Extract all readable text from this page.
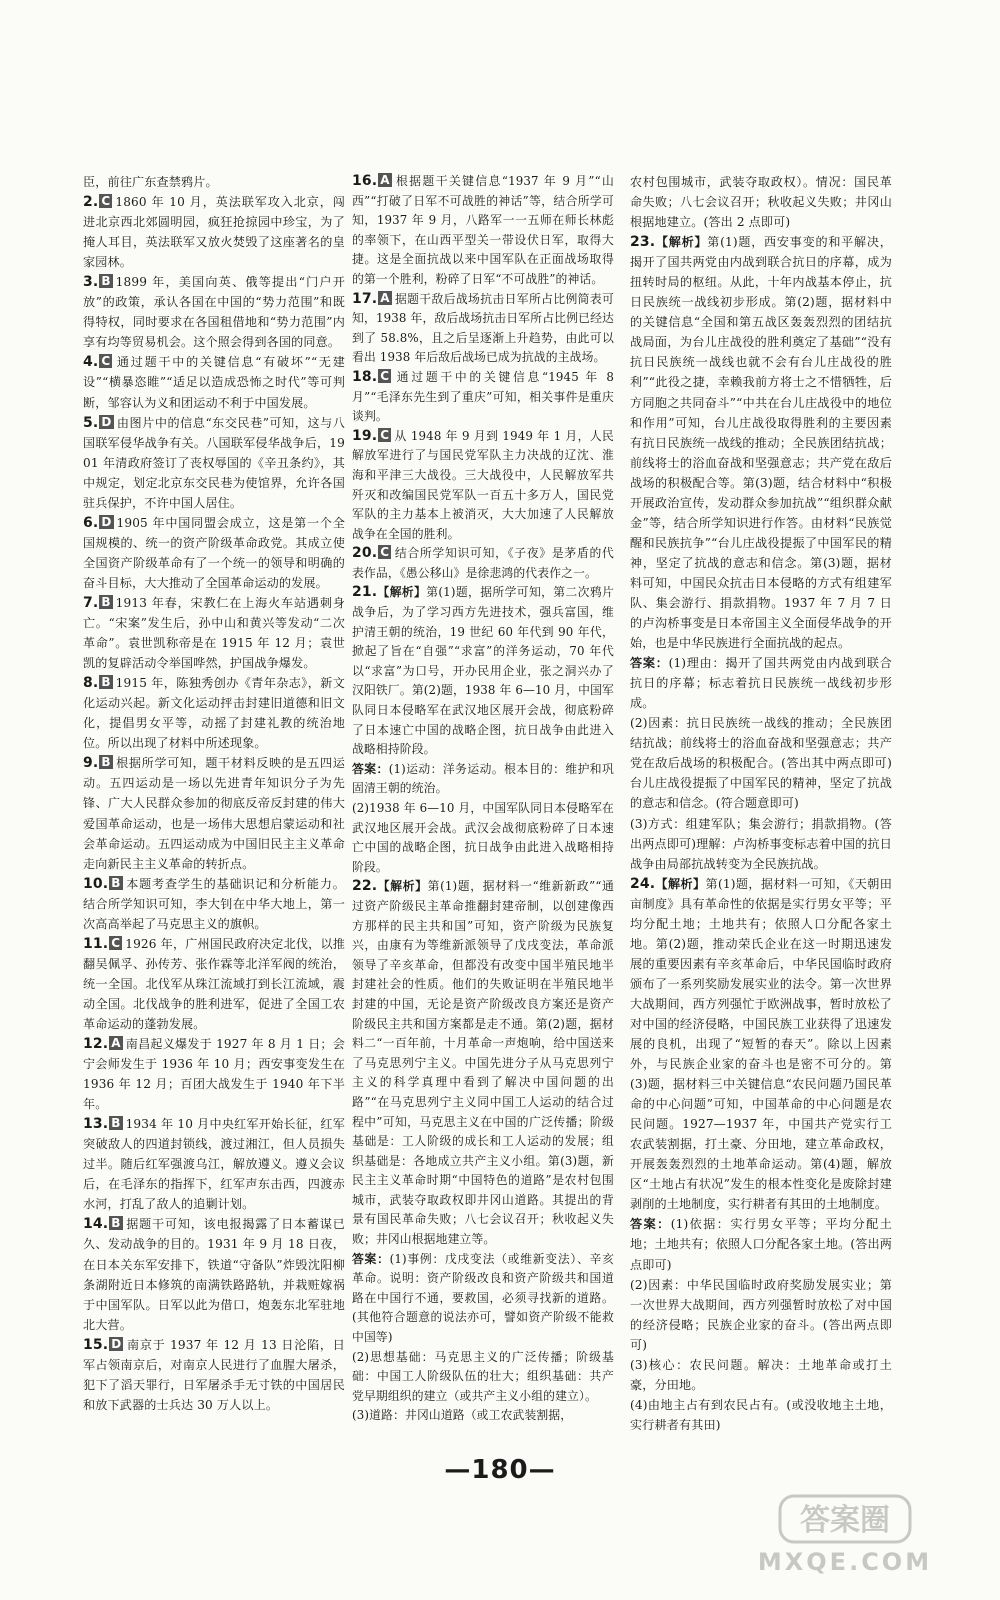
臣，前往广东查禁鸦片。

2. C 1860 年 10 月，英法联军攻入北京，闯进北京西北郊圆明园，疯狂抢掠园中珍宝，为了掩人耳目，英法联军又放火焚毁了这座著名的皇家园林。

3. B 1899 年，美国向英、俄等提出“门户开放”的政策，承认各国在中国的“势力范围”和既得特权，同时要求在各国租借地和“势力范围”内享有均等贸易机会。这个照会得到各国的同意。

4. C 通过题干中的关键信息“有破坏”“无建设”“横暴恣睢”“适足以造成恐怖之时代”等可判断，邹容认为义和团运动不利于中国发展。

5. D 由图片中的信息“东交民巷”可知，这与八国联军侵华战争有关。八国联军侵华战争后，1901 年清政府签订了丧权辱国的《辛丑条约》，其中规定，划定北京东交民巷为使馆界，允许各国驻兵保护，不许中国人居住。

6. D 1905 年中国同盟会成立，这是第一个全国规模的、统一的资产阶级革命政党。其成立使全国资产阶级革命有了一个统一的领导和明确的奋斗目标，大大推动了全国革命运动的发展。

7. B 1913 年春，宋教仁在上海火车站遇刺身亡。“宋案”发生后，孙中山和黄兴等发动“二次革命”。袁世凯称帝是在 1915 年 12 月；袁世凯的复辟活动令举国哗然，护国战争爆发。

8. B 1915 年，陈独秀创办《青年杂志》，新文化运动兴起。新文化运动抨击封建旧道德和旧文化，提倡男女平等，动摇了封建礼教的统治地位。所以出现了材料中所述现象。

9. B 根据所学可知，题干材料反映的是五四运动。五四运动是一场以先进青年知识分子为先锋、广大人民群众参加的彻底反帝反封建的伟大爱国革命运动，也是一场伟大思想启蒙运动和社会革命运动。五四运动成为中国旧民主主义革命走向新民主主义革命的转折点。

10. B 本题考查学生的基础识记和分析能力。结合所学知识可知，李大钊在中华大地上，第一次高高举起了马克思主义的旗帜。

11. C 1926 年，广州国民政府决定北伐，以推翻吴佩孚、孙传芳、张作霖等北洋军阀的统治，统一全国。北伐军从珠江流域打到长江流域，震动全国。北伐战争的胜利进军，促进了全国工农革命运动的蓬勃发展。

12. A 南昌起义爆发于 1927 年 8 月 1 日；会宁会师发生于 1936 年 10 月；西安事变发生在 1936 年 12 月；百团大战发生于 1940 年下半年。

13. B 1934 年 10 月中央红军开始长征，红军突破敌人的四道封锁线，渡过湘江，但人员损失过半。随后红军强渡乌江，解放遵义。遵义会议后，在毛泽东的指挥下，红军声东击西，四渡赤水河，打乱了敌人的追剿计划。

14. B 据题干可知，该电报揭露了日本蓄谋已久、发动战争的目的。1931 年 9 月 18 日夜，在日本关东军安排下，铁道“守备队”炸毁沈阳柳条湖附近日本修筑的南满铁路路轨，并栽赃嫁祸于中国军队。日军以此为借口，炮轰东北军驻地北大营。

15. D 南京于 1937 年 12 月 13 日沦陷，日军占领南京后，对南京人民进行了血腥大屠杀，犯下了滔天罪行，日军屠杀手无寸铁的中国居民和放下武器的士兵达 30 万人以上。

16. A 根据题干关键信息“1937 年 9 月”“山西”“打破了日军不可战胜的神话”等，结合所学可知，1937 年 9 月，八路军一一五师在师长林彪的率领下，在山西平型关一带设伏日军，取得大捷。这是全面抗战以来中国军队在正面战场取得的第一个胜利，粉碎了日军“不可战胜”的神话。

17. A 据题干敌后战场抗击日军所占比例简表可知，1938 年，敌后战场抗击日军所占比例已经达到了 58.8%，且之后呈逐渐上升趋势，由此可以看出 1938 年后敌后战场已成为抗战的主战场。

18. C 通过题干中的关键信息“1945 年 8 月”“毛泽东先生到了重庆”可知，相关事件是重庆谈判。

19. C 从 1948 年 9 月到 1949 年 1 月，人民解放军进行了与国民党军队主力决战的辽沈、淮海和平津三大战役。三大战役中，人民解放军共歼灭和改编国民党军队一百五十多万人，国民党军队的主力基本上被消灭，大大加速了人民解放战争在全国的胜利。

20. C 结合所学知识可知，《子夜》是茅盾的代表作品，《愚公移山》是徐悲鸿的代表作之一。

21.【解析】第(1)题，据所学可知，第二次鸦片战争后，为了学习西方先进技术，强兵富国，维护清王朝的统治，19 世纪 60 年代到 90 年代，掀起了旨在“自强”“求富”的洋务运动，70 年代以“求富”为口号，开办民用企业，张之洞兴办了汉阳铁厂。第(2)题，1938 年 6—10 月，中国军队同日本侵略军在武汉地区展开会战，彻底粉碎了日本速亡中国的战略企图，抗日战争由此进入战略相持阶段。

答案：(1)运动：洋务运动。根本目的：维护和巩固清王朝的统治。

(2)1938 年 6—10 月，中国军队同日本侵略军在武汉地区展开会战。武汉会战彻底粉碎了日本速亡中国的战略企图，抗日战争由此进入战略相持阶段。

22.【解析】第(1)题，据材料一“维新新政”“通过资产阶级民主革命推翻封建帝制，以创建像西方那样的民主共和国”可知，资产阶级为民族复兴，由康有为等维新派领导了戊戌变法，革命派领导了辛亥革命，但都没有改变中国半殖民地半封建社会的性质。他们的失败证明在半殖民地半封建的中国，无论是资产阶级改良方案还是资产阶级民主共和国方案都是走不通。第(2)题，据材料二“一百年前，十月革命一声炮响，给中国送来了马克思列宁主义。中国先进分子从马克思列宁主义的科学真理中看到了解决中国问题的出路”“在马克思列宁主义同中国工人运动的结合过程中”可知，马克思主义在中国的广泛传播；阶级基础是：工人阶级的成长和工人运动的发展；组织基础是：各地成立共产主义小组。第(3)题，新民主主义革命时期“中国特色的道路”是农村包围城市，武装夺取政权即井冈山道路。其提出的背景有国民革命失败；八七会议召开；秋收起义失败；井冈山根据地建立等。

答案：(1)事例：戊戌变法（或维新变法）、辛亥革命。说明：资产阶级改良和资产阶级共和国道路在中国行不通，要救国，必须寻找新的道路。(其他符合题意的说法亦可，譬如资产阶级不能救中国等)

(2)思想基础：马克思主义的广泛传播；阶级基础：中国工人阶级队伍的壮大；组织基础：共产党早期组织的建立（或共产主义小组的建立）。

(3)道路：井冈山道路（或工农武装割据，

农村包围城市，武装夺取政权）。情况：国民革命失败；八七会议召开；秋收起义失败；井冈山根据地建立。(答出 2 点即可)

23.【解析】第(1)题，西安事变的和平解决，揭开了国共两党由内战到联合抗日的序幕，成为扭转时局的枢纽。从此，十年内战基本停止，抗日民族统一战线初步形成。第(2)题，据材料中的关键信息“全国和第五战区轰轰烈烈的团结抗战局面，为台儿庄战役的胜利奠定了基础”“没有抗日民族统一战线也就不会有台儿庄战役的胜利”“此役之捷，幸赖我前方将士之不惜牺牲，后方同胞之共同奋斗”“中共在台儿庄战役中的地位和作用”可知，台儿庄战役取得胜利的主要因素有抗日民族统一战线的推动；全民族团结抗战；前线将士的浴血奋战和坚强意志；共产党在敌后战场的积极配合等。第(3)题，结合材料中“积极开展政治宣传，发动群众参加抗战”“组织群众献金”等，结合所学知识进行作答。由材料“民族觉醒和民族抗争”“台儿庄战役提振了中国军民的精神，坚定了抗战的意志和信念。第(3)题，据材料可知，中国民众抗击日本侵略的方式有组建军队、集会游行、捐款捐物。1937 年 7 月 7 日的卢沟桥事变是日本帝国主义全面侵华战争的开始，也是中华民族进行全面抗战的起点。

答案：(1)理由：揭开了国共两党由内战到联合抗日的序幕；标志着抗日民族统一战线初步形成。

(2)因素：抗日民族统一战线的推动；全民族团结抗战；前线将士的浴血奋战和坚强意志；共产党在敌后战场的积极配合。(答出其中两点即可)台儿庄战役提振了中国军民的精神，坚定了抗战的意志和信念。(符合题意即可)

(3)方式：组建军队；集会游行；捐款捐物。(答出两点即可)理解：卢沟桥事变标志着中国的抗日战争由局部抗战转变为全民族抗战。

24.【解析】第(1)题，据材料一可知，《天朝田亩制度》具有革命性的依据是实行男女平等；平均分配土地；土地共有；依照人口分配各家土地。第(2)题，推动荣氏企业在这一时期迅速发展的重要因素有辛亥革命后，中华民国临时政府颁布了一系列奖励发展实业的法令。第一次世界大战期间，西方列强忙于欧洲战事，暂时放松了对中国的经济侵略，中国民族工业获得了迅速发展的良机，出现了“短暂的春天”。除以上因素外，与民族企业家的奋斗也是密不可分的。第(3)题，据材料三中关键信息“农民问题乃国民革命的中心问题”可知，中国革命的中心问题是农民问题。1927—1937 年，中国共产党实行工农武装割据，打土豪、分田地，建立革命政权，开展轰轰烈烈的土地革命运动。第(4)题，解放区“土地占有状况”发生的根本性变化是废除封建剥削的土地制度，实行耕者有其田的土地制度。

答案：(1)依据：实行男女平等；平均分配土地；土地共有；依照人口分配各家土地。(答出两点即可)

(2)因素：中华民国临时政府奖励发展实业；第一次世界大战期间，西方列强暂时放松了对中国的经济侵略；民族企业家的奋斗。(答出两点即可)

(3)核心：农民问题。解决：土地革命或打土豪，分田地。

(4)由地主占有到农民占有。(或没收地主土地，实行耕者有其田)

—180—
答案圈
MXQE.COM
